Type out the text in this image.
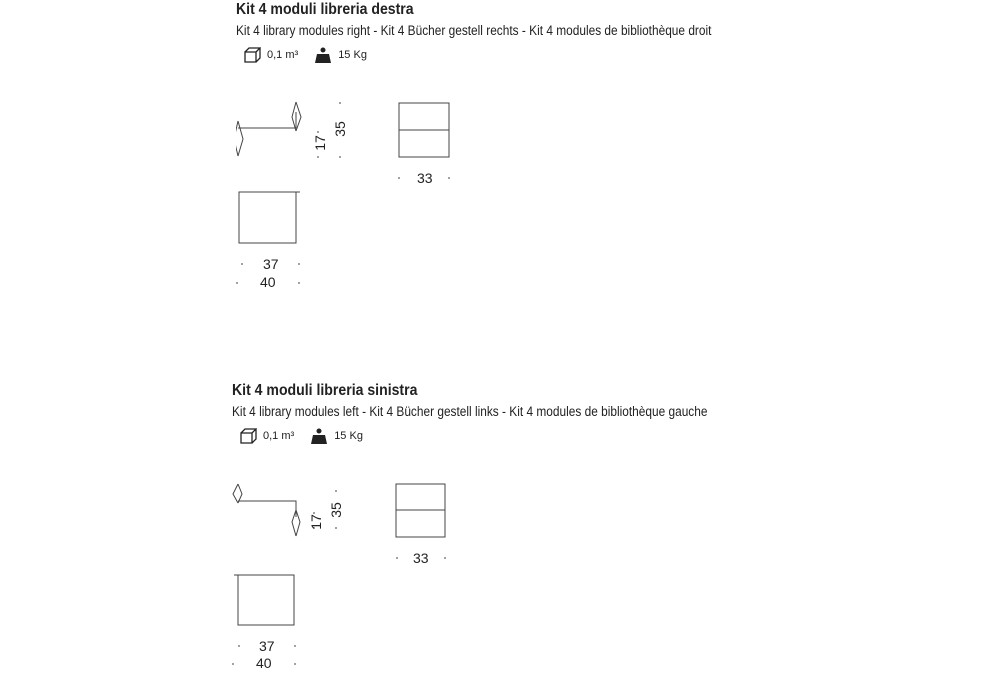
Kit 4 moduli libreria destra
Kit 4 library modules right - Kit 4 Bücher gestell rechts - Kit 4 modules de bibliothèque droit
0,1 m³	15 Kg
17
35
33
37
40
Kit 4 moduli libreria sinistra
Kit 4 library modules left - Kit 4 Bücher gestell links - Kit 4 modules de bibliothèque gauche
0,1 m³	15 Kg
17
35
33
37
40
